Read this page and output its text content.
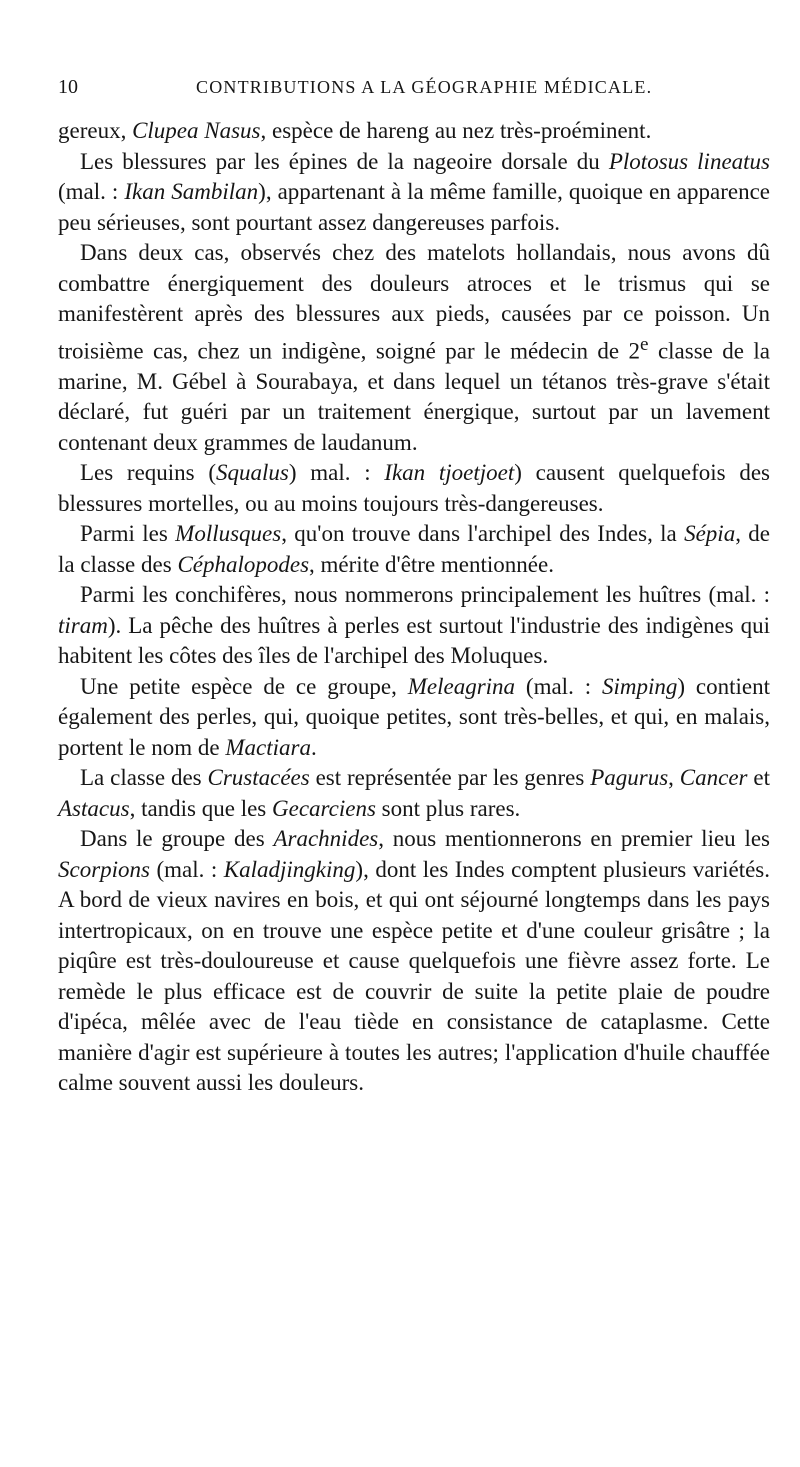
10	CONTRIBUTIONS A LA GÉOGRAPHIE MÉDICALE.

gereux, Clupea Nasus, espèce de hareng au nez très-proéminent.

Les blessures par les épines de la nageoire dorsale du Plotosus lineatus (mal. : Ikan Sambilan), appartenant à la même famille, quoique en apparence peu sérieuses, sont pourtant assez dangereuses parfois.

Dans deux cas, observés chez des matelots hollandais, nous avons dû combattre énergiquement des douleurs atroces et le trismus qui se manifestèrent après des blessures aux pieds, causées par ce poisson. Un troisième cas, chez un indigène, soigné par le médecin de 2e classe de la marine, M. Gébel à Sourabaya, et dans lequel un tétanos très-grave s'était déclaré, fut guéri par un traitement énergique, surtout par un lavement contenant deux grammes de laudanum.

Les requins (Squalus) mal. : Ikan tjoetjoet) causent quelquefois des blessures mortelles, ou au moins toujours très-dangereuses.

Parmi les Mollusques, qu'on trouve dans l'archipel des Indes, la Sépia, de la classe des Céphalopodes, mérite d'être mentionnée.

Parmi les conchifères, nous nommerons principalement les huîtres (mal. : tiram). La pêche des huîtres à perles est surtout l'industrie des indigènes qui habitent les côtes des îles de l'archipel des Moluques.

Une petite espèce de ce groupe, Meleagrina (mal. : Simping) contient également des perles, qui, quoique petites, sont très-belles, et qui, en malais, portent le nom de Mactiara.

La classe des Crustacées est représentée par les genres Pagurus, Cancer et Astacus, tandis que les Gecarciens sont plus rares.

Dans le groupe des Arachnides, nous mentionnerons en premier lieu les Scorpions (mal. : Kaladjingking), dont les Indes comptent plusieurs variétés. A bord de vieux navires en bois, et qui ont séjourné longtemps dans les pays intertropicaux, on en trouve une espèce petite et d'une couleur grisâtre ; la piqûre est très-douloureuse et cause quelquefois une fièvre assez forte. Le remède le plus efficace est de couvrir de suite la petite plaie de poudre d'ipéca, mêlée avec de l'eau tiède en consistance de cataplasme. Cette manière d'agir est supérieure à toutes les autres; l'application d'huile chauffée calme souvent aussi les douleurs.
